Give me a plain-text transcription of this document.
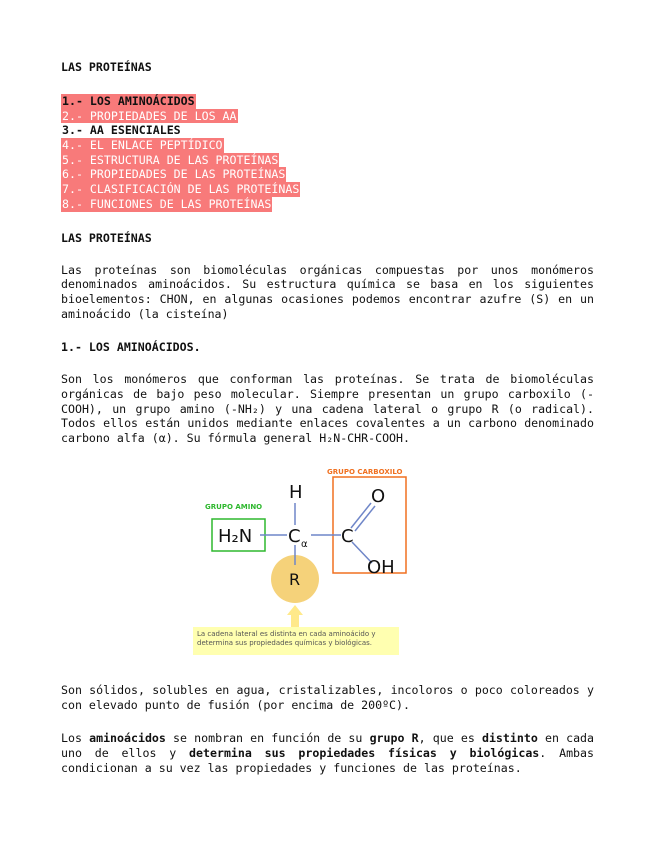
LAS PROTEÍNAS
1.- LOS AMINOÁCIDOS
2.- PROPIEDADES DE LOS AA
3.- AA ESENCIALES
4.- EL ENLACE PEPTÍDICO
5.- ESTRUCTURA DE LAS PROTEÍNAS
6.- PROPIEDADES DE LAS PROTEÍNAS
7.- CLASIFICACIÓN DE LAS PROTEÍNAS
8.- FUNCIONES DE LAS PROTEÍNAS
LAS PROTEÍNAS
Las proteínas son biomoléculas orgánicas compuestas por unos monómeros denominados aminoácidos. Su estructura química se basa en los siguientes bioelementos: CHON, en algunas ocasiones podemos encontrar azufre (S) en un aminoácido (la cisteína)
1.- LOS AMINOÁCIDOS.
Son los monómeros que conforman las proteínas. Se trata de biomoléculas orgánicas de bajo peso molecular. Siempre presentan un grupo carboxilo (-COOH), un grupo amino (-NH₂) y una cadena lateral o grupo R (o radical). Todos ellos están unidos mediante enlaces covalentes a un carbono denominado carbono alfa (α). Su fórmula general H₂N-CHR-COOH.
GRUPO CARBOXILO
GRUPO AMINO
H
H₂N C α C
O
OH
R
La cadena lateral es distinta en cada aminoácido y determina sus propiedades químicas y biológicas.
Son sólidos, solubles en agua, cristalizables, incoloros o poco coloreados y con elevado punto de fusión (por encima de 200ºC).
Los aminoácidos se nombran en función de su grupo R, que es distinto en cada uno de ellos y determina sus propiedades físicas y biológicas. Ambas condicionan a su vez las propiedades y funciones de las proteínas.
